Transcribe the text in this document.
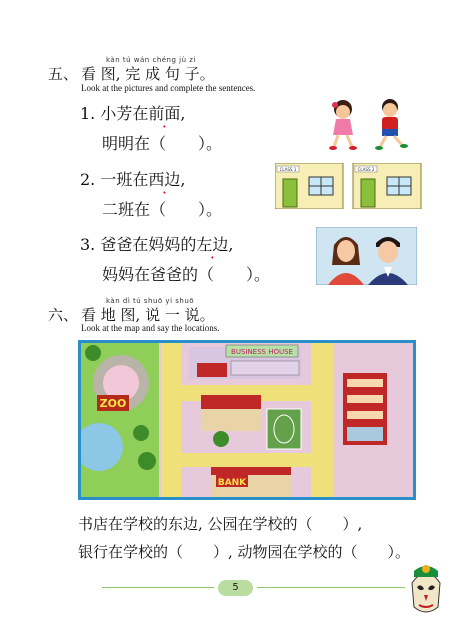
kàn tú wán chéng jù zi
五、 看 图, 完 成 句 子。
Look at the pictures and complete the sentences.
1. 小芳在前面,
明明在（　　）。
2. 一班在西边,
二班在（　　）。
CLASS 1	CLASS 2
3. 爸爸在妈妈的左边,
妈妈在爸爸的（　　）。
kàn dì tú shuō yi shuō
六、 看 地 图, 说 一 说。
Look at the map and say the locations.
ZOO
BUSINESS HOUSE
BANK
书店在学校的东边, 公园在学校的（　　）,
银行在学校的（　　）, 动物园在学校的（　　）。
5
